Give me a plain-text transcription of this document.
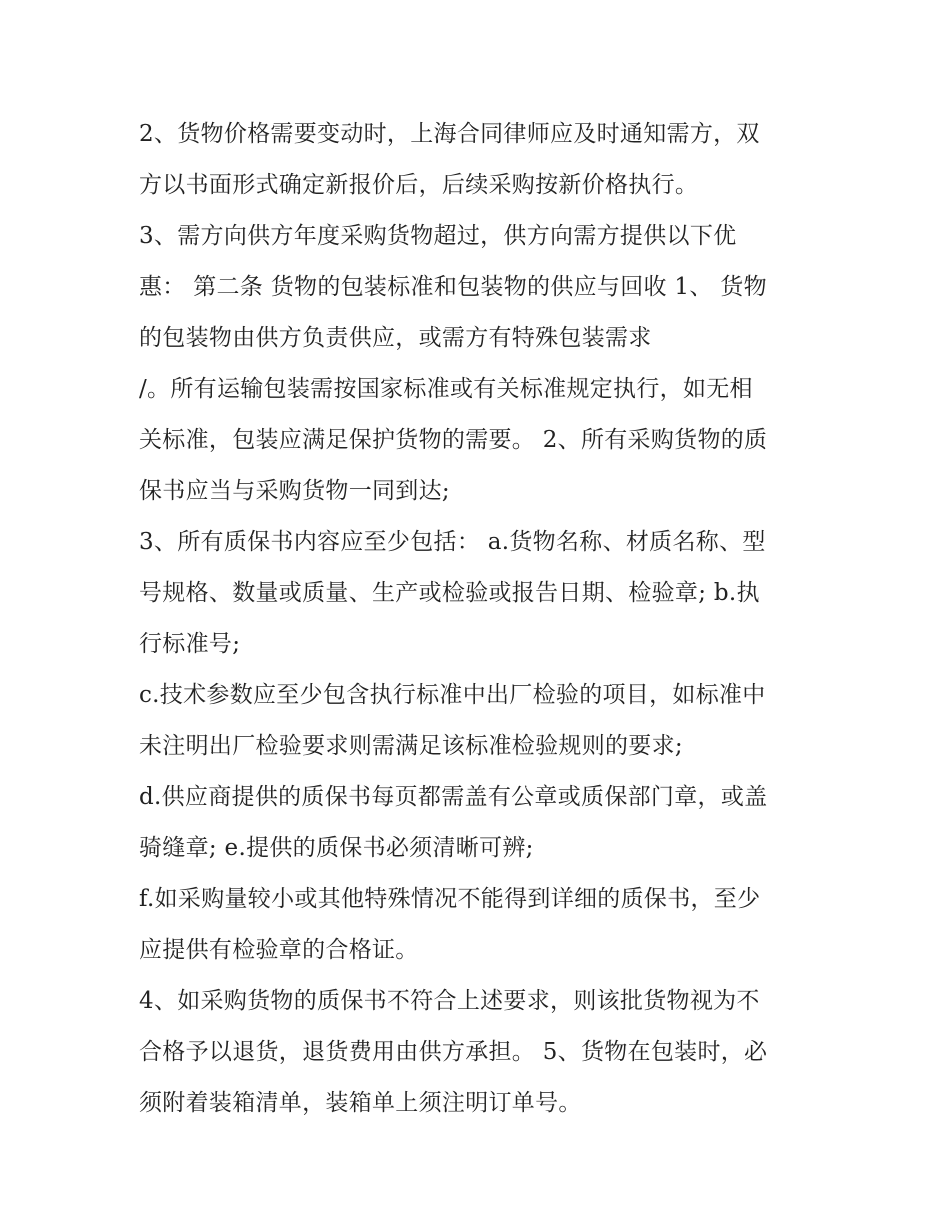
2、货物价格需要变动时，上海合同律师应及时通知需方，双
方以书面形式确定新报价后，后续采购按新价格执行。
3、需方向供方年度采购货物超过，供方向需方提供以下优
惠： 第二条 货物的包装标准和包装物的供应与回收 1、 货物
的包装物由供方负责供应，或需方有特殊包装需求
/。所有运输包装需按国家标准或有关标准规定执行，如无相
关标准，包装应满足保护货物的需要。 2、所有采购货物的质
保书应当与采购货物一同到达;
3、所有质保书内容应至少包括： a.货物名称、材质名称、型
号规格、数量或质量、生产或检验或报告日期、检验章; b.执
行标准号;
c.技术参数应至少包含执行标准中出厂检验的项目，如标准中
未注明出厂检验要求则需满足该标准检验规则的要求;
d.供应商提供的质保书每页都需盖有公章或质保部门章，或盖
骑缝章; e.提供的质保书必须清晰可辨;
f.如采购量较小或其他特殊情况不能得到详细的质保书，至少
应提供有检验章的合格证。
4、如采购货物的质保书不符合上述要求，则该批货物视为不
合格予以退货，退货费用由供方承担。 5、货物在包装时，必
须附着装箱清单，装箱单上须注明订单号。
